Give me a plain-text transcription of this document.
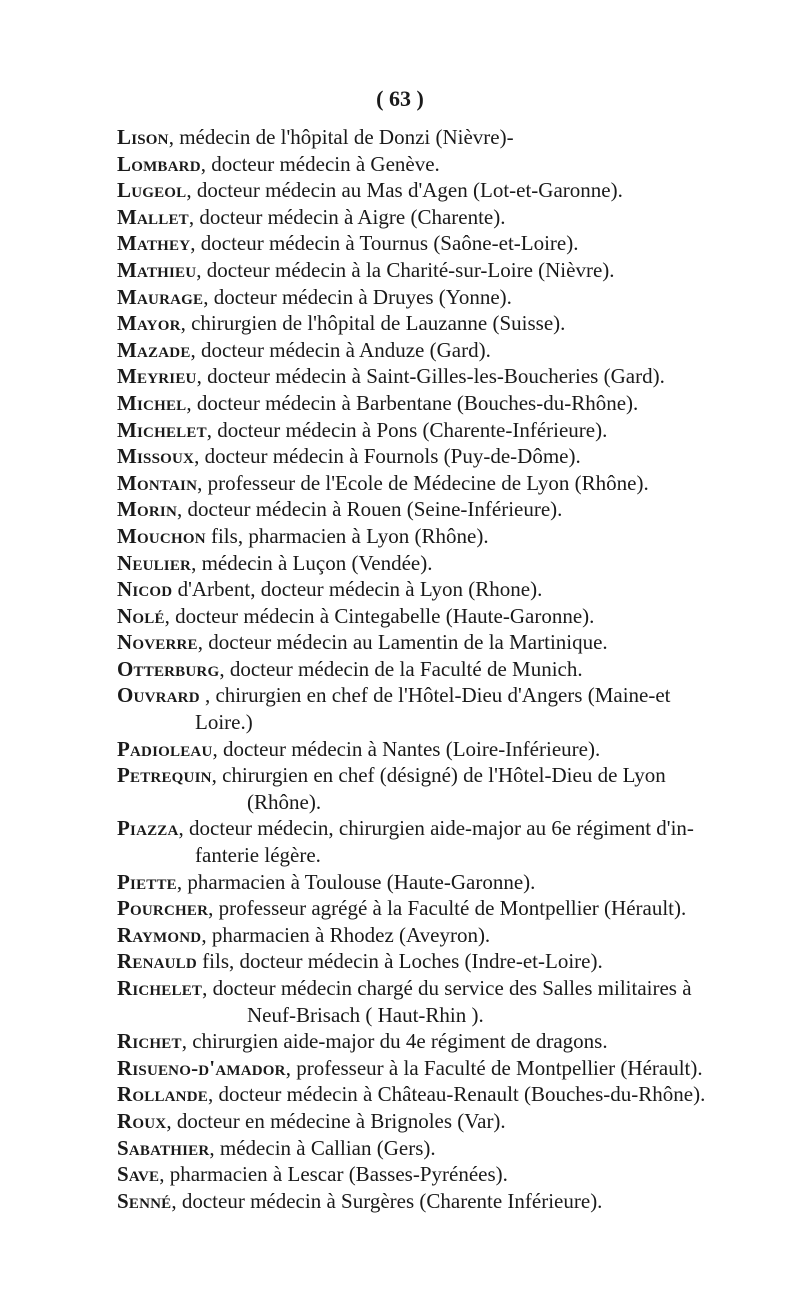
( 63 )
Lison, médecin de l'hôpital de Donzi (Nièvre)-
Lombard, docteur médecin à Genève.
Lugeol, docteur médecin au Mas d'Agen (Lot-et-Garonne).
Mallet, docteur médecin à Aigre (Charente).
Mathey, docteur médecin à Tournus (Saône-et-Loire).
Mathieu, docteur médecin à la Charité-sur-Loire (Nièvre).
Maurage, docteur médecin à Druyes (Yonne).
Mayor, chirurgien de l'hôpital de Lauzanne (Suisse).
Mazade, docteur médecin à Anduze (Gard).
Meyrieu, docteur médecin à Saint-Gilles-les-Boucheries (Gard).
Michel, docteur médecin à Barbentane (Bouches-du-Rhône).
Michelet, docteur médecin à Pons (Charente-Inférieure).
Missoux, docteur médecin à Fournols (Puy-de-Dôme).
Montain, professeur de l'Ecole de Médecine de Lyon (Rhône).
Morin, docteur médecin à Rouen (Seine-Inférieure).
Mouchon fils, pharmacien à Lyon (Rhône).
Neulier, médecin à Luçon (Vendée).
Nicod d'Arbent, docteur médecin à Lyon (Rhone).
Nolé, docteur médecin à Cintegabelle (Haute-Garonne).
Noverre, docteur médecin au Lamentin de la Martinique.
Otterburg, docteur médecin de la Faculté de Munich.
Ouvrard , chirurgien en chef de l'Hôtel-Dieu d'Angers (Maine-et
Loire.)
Padioleau, docteur médecin à Nantes (Loire-Inférieure).
Petrequin, chirurgien en chef (désigné) de l'Hôtel-Dieu de Lyon
(Rhône).
Piazza, docteur médecin, chirurgien aide-major au 6e régiment d'in-
fanterie légère.
Piette, pharmacien à Toulouse (Haute-Garonne).
Pourcher, professeur agrégé à la Faculté de Montpellier (Hérault).
Raymond, pharmacien à Rhodez (Aveyron).
Renauld fils, docteur médecin à Loches (Indre-et-Loire).
Richelet, docteur médecin chargé du service des Salles militaires à
Neuf-Brisach ( Haut-Rhin ).
Richet, chirurgien aide-major du 4e régiment de dragons.
Risueno-d'amador, professeur à la Faculté de Montpellier (Hérault).
Rollande, docteur médecin à Château-Renault (Bouches-du-Rhône).
Roux, docteur en médecine à Brignoles (Var).
Sabathier, médecin à Callian (Gers).
Save, pharmacien à Lescar (Basses-Pyrénées).
Senné, docteur médecin à Surgères (Charente Inférieure).
